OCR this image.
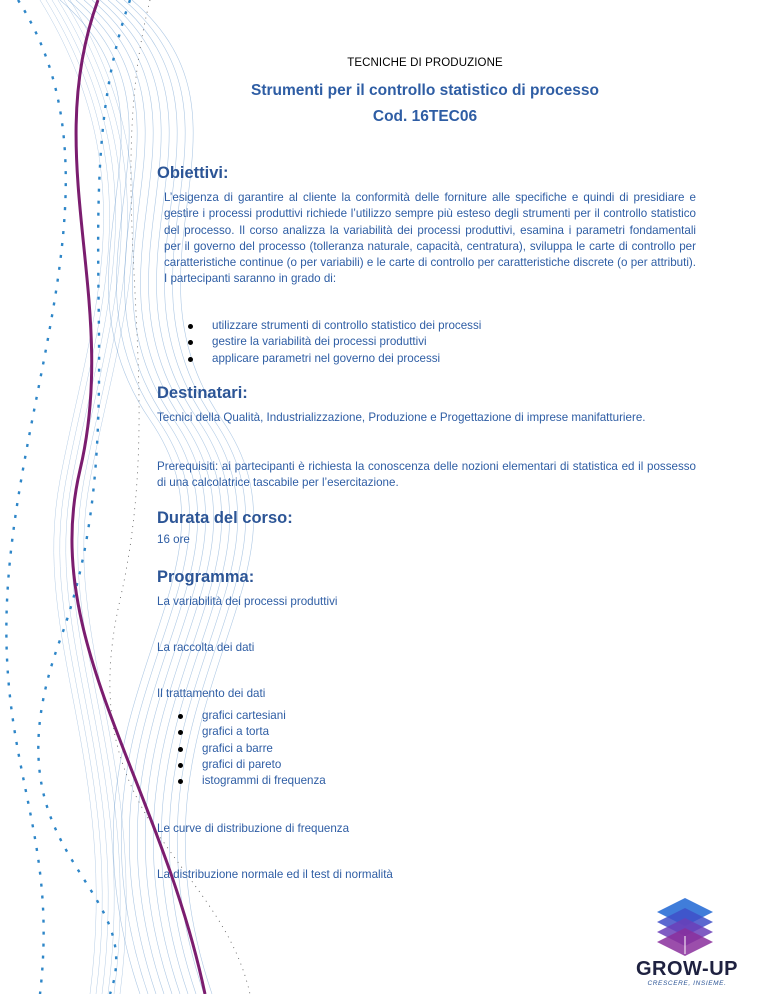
TECNICHE DI PRODUZIONE
Strumenti per il controllo statistico di processo
Cod. 16TEC06
Obiettivi:

L’esigenza di garantire al cliente la conformità delle forniture alle specifiche e quindi di presidiare e gestire i processi produttivi richiede l’utilizzo sempre più esteso degli strumenti per il controllo statistico del processo. Il corso analizza la variabilità dei processi produttivi, esamina i parametri fondamentali per il governo del processo (tolleranza naturale, capacità, centratura), sviluppa le carte di controllo per caratteristiche continue (o per variabili) e le carte di controllo per caratteristiche discrete (o per attributi). I partecipanti saranno in grado di:

utilizzare strumenti di controllo statistico dei processi
gestire la variabilità dei processi produttivi
applicare parametri nel governo dei processi
Destinatari:

Tecnici della Qualità, Industrializzazione, Produzione e Progettazione di imprese manifatturiere.

Prerequisiti: ai partecipanti è richiesta la conoscenza delle nozioni elementari di statistica ed il possesso di una calcolatrice tascabile per l’esercitazione.

Durata del corso:

16 ore

Programma:

La variabilità dei processi produttivi

La raccolta dei dati

Il trattamento dei dati

grafici cartesiani
grafici a torta
grafici a barre
grafici di pareto
istogrammi di frequenza

Le curve di distribuzione di frequenza

La distribuzione normale ed il test di normalità

GROW-UP
CRESCERE, INSIEME.
